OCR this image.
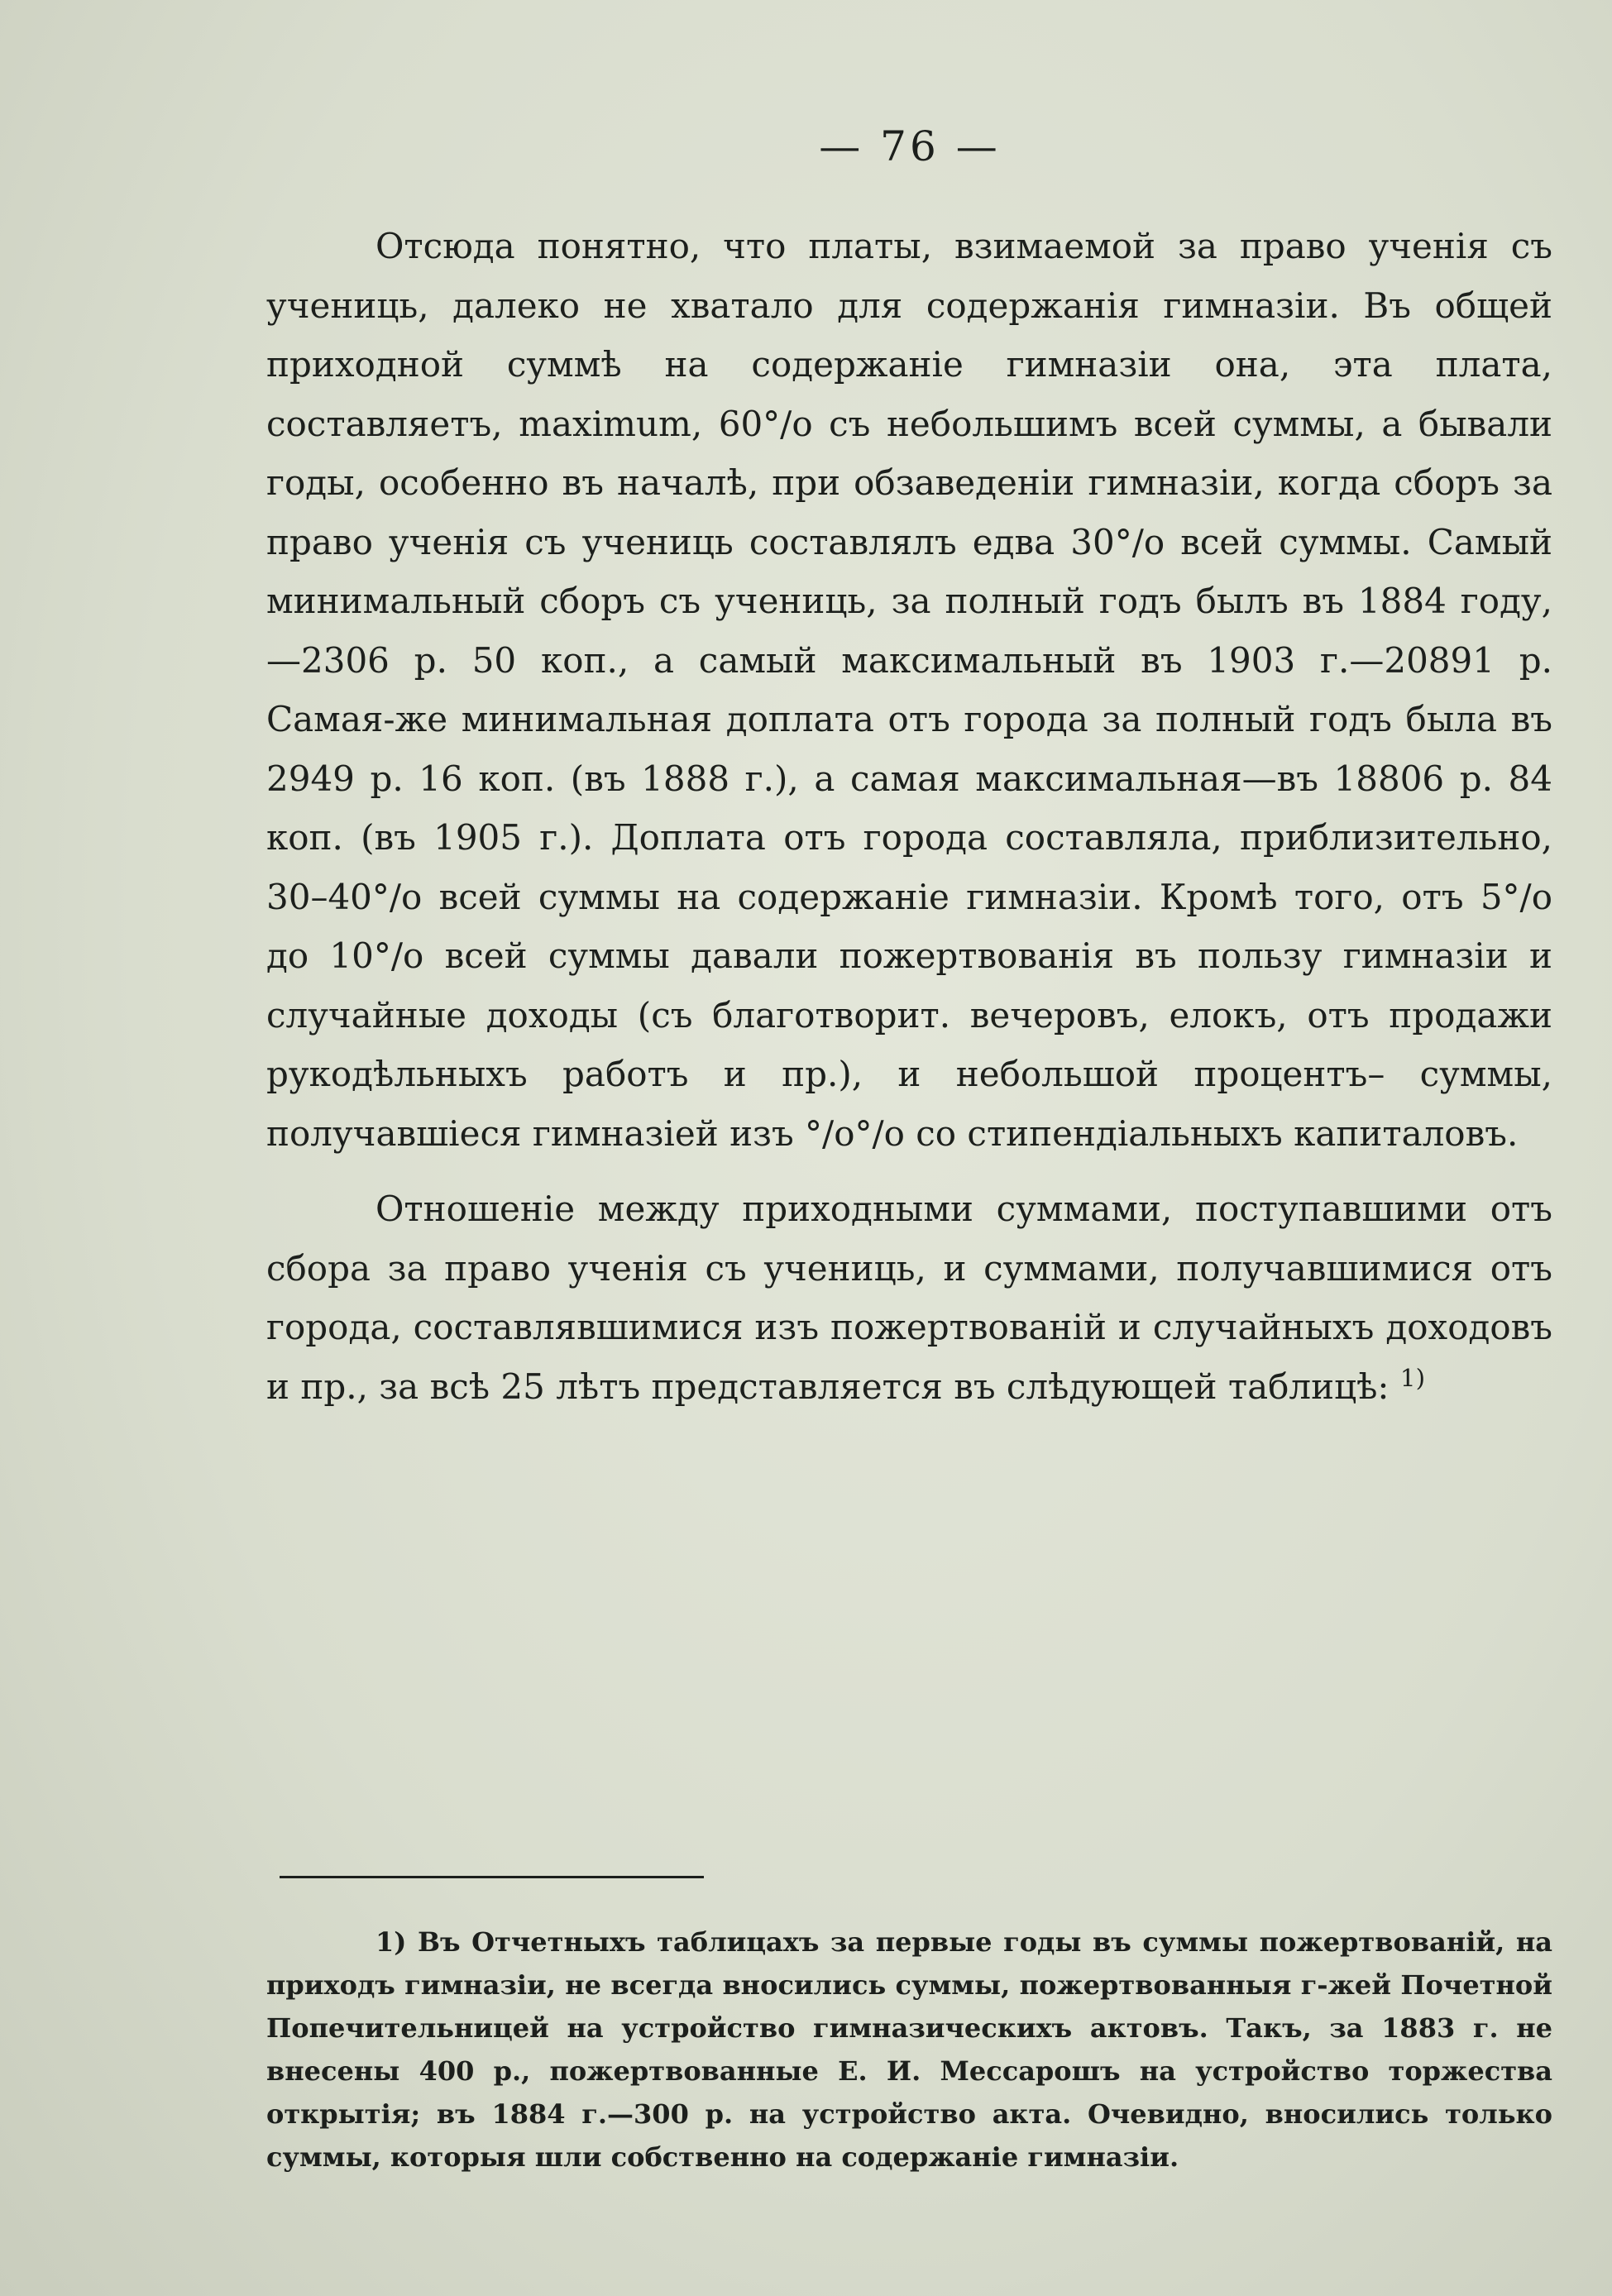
— 76 —

Отсюда понятно, что платы, взимаемой за право ученія съ учениць, далеко не хватало для содержанія гимназіи. Въ общей приходной суммѣ на содержаніе гимназіи она, эта плата, составляетъ, maximum, 60°/o съ небольшимъ всей суммы, а бывали годы, особенно въ началѣ, при обзаведеніи гимназіи, когда сборъ за право ученія съ учениць составлялъ едва 30°/o всей суммы. Самый минимальный сборъ съ учениць, за полный годъ былъ въ 1884 году,—2306 р. 50 коп., а самый максимальный въ 1903 г.—20891 р. Самая-же минимальная доплата отъ города за полный годъ была въ 2949 р. 16 коп. (въ 1888 г.), а самая максимальная—въ 18806 р. 84 коп. (въ 1905 г.). Доплата отъ города составляла, приблизительно, 30–40°/o всей суммы на содержаніе гимназіи. Кромѣ того, отъ 5°/o до 10°/o всей суммы давали пожертвованія въ пользу гимназіи и случайные доходы (съ благотворит. вечеровъ, елокъ, отъ продажи рукодѣльныхъ работъ и пр.), и небольшой процентъ– суммы, получавшіеся гимназіей изъ °/o°/o со стипендіальныхъ капиталовъ.

Отношеніе между приходными суммами, поступавшими отъ сбора за право ученія съ учениць, и суммами, получавшимися отъ города, составлявшимися изъ пожертвованій и случайныхъ доходовъ и пр., за всѣ 25 лѣтъ представляется въ слѣдующей таблицѣ: $^{1)}$

1) Въ Отчетныхъ таблицахъ за первые годы въ суммы пожертвованій, на приходъ гимназіи, не всегда вносились суммы, пожертвованныя г-жей Почетной Попечительницей на устройство гимназическихъ актовъ. Такъ, за 1883 г. не внесены 400 р., пожертвованные Е. И. Мессарошъ на устройство торжества открытія; въ 1884 г.—300 р. на устройство акта. Очевидно, вносились только суммы, которыя шли собственно на содержаніе гимназіи.
